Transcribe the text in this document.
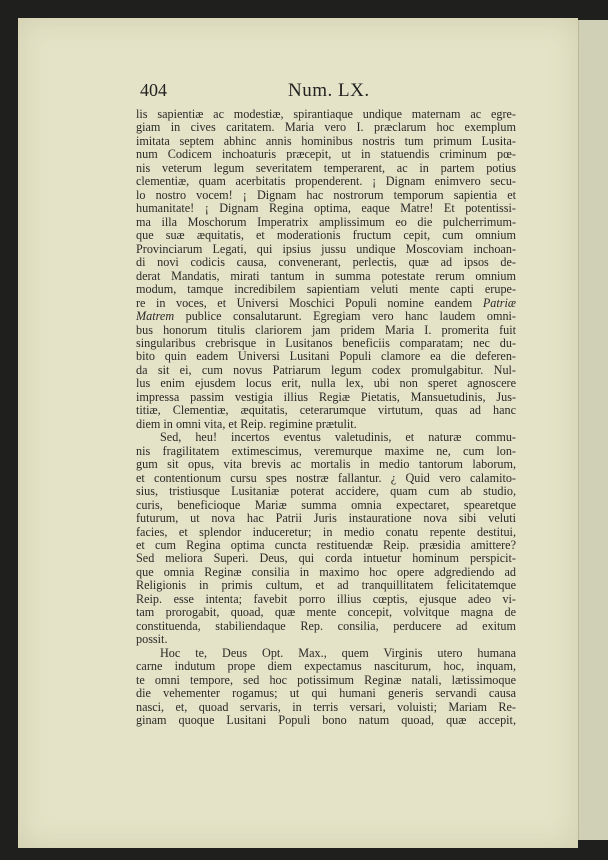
404	Num. LX.
lis sapientiæ ac modestiæ, spirantiaque undique maternam ac egre-
giam in cives caritatem. Maria vero I. præclarum hoc exemplum
imitata septem abhinc annis hominibus nostris tum primum Lusita-
num Codicem inchoaturis præcepit, ut in statuendis criminum pœ-
nis veterum legum severitatem temperarent, ac in partem potius
clementiæ, quam acerbitatis propenderent. ¡ Dignam enimvero secu-
lo nostro vocem! ¡ Dignam hac nostrorum temporum sapientia et
humanitate! ¡ Dignam Regina optima, eaque Matre! Et potentissi-
ma illa Moschorum Imperatrix amplissimum eo die pulcherrimum-
que suæ æquitatis, et moderationis fructum cepit, cum omnium
Provinciarum Legati, qui ipsius jussu undique Moscoviam inchoan-
di novi codicis causa, convenerant, perlectis, quæ ad ipsos de-
derat Mandatis, mirati tantum in summa potestate rerum omnium
modum, tamque incredibilem sapientiam veluti mente capti erupe-
re in voces, et Universi Moschici Populi nomine eandem Patriæ
Matrem publice consalutarunt. Egregiam vero hanc laudem omni-
bus honorum titulis clariorem jam pridem Maria I. promerita fuit
singularibus crebrisque in Lusitanos beneficiis comparatam; nec du-
bito quin eadem Universi Lusitani Populi clamore ea die deferen-
da sit ei, cum novus Patriarum legum codex promulgabitur. Nul-
lus enim ejusdem locus erit, nulla lex, ubi non speret agnoscere
impressa passim vestigia illius Regiæ Pietatis, Mansuetudinis, Jus-
titiæ, Clementiæ, æquitatis, ceterarumque virtutum, quas ad hanc
diem in omni vita, et Reip. regimine prætulit.
Sed, heu! incertos eventus valetudinis, et naturæ commu-
nis fragilitatem extimescimus, veremurque maxime ne, cum lon-
gum sit opus, vita brevis ac mortalis in medio tantorum laborum,
et contentionum cursu spes nostræ fallantur. ¿ Quid vero calamito-
sius, tristiusque Lusitaniæ poterat accidere, quam cum ab studio,
curis, beneficioque Mariæ summa omnia expectaret, spearetque
futurum, ut nova hac Patrii Juris instauratione nova sibi veluti
facies, et splendor induceretur; in medio conatu repente destitui,
et cum Regina optima cuncta restituendæ Reip. præsidia amittere?
Sed meliora Superi. Deus, qui corda intuetur hominum perspicit-
que omnia Reginæ consilia in maximo hoc opere adgrediendo ad
Religionis in primis cultum, et ad tranquillitatem felicitatemque
Reip. esse intenta; favebit porro illius cœptis, ejusque adeo vi-
tam prorogabit, quoad, quæ mente concepit, volvitque magna de
constituenda, stabiliendaque Rep. consilia, perducere ad exitum
possit.
Hoc te, Deus Opt. Max., quem Virginis utero humana
carne indutum prope diem expectamus nasciturum, hoc, inquam,
te omni tempore, sed hoc potissimum Reginæ natali, lætissimoque
die vehementer rogamus; ut qui humani generis servandi causa
nasci, et, quoad servaris, in terris versari, voluisti; Mariam Re-
ginam quoque Lusitani Populi bono natum quoad, quæ accepit,
